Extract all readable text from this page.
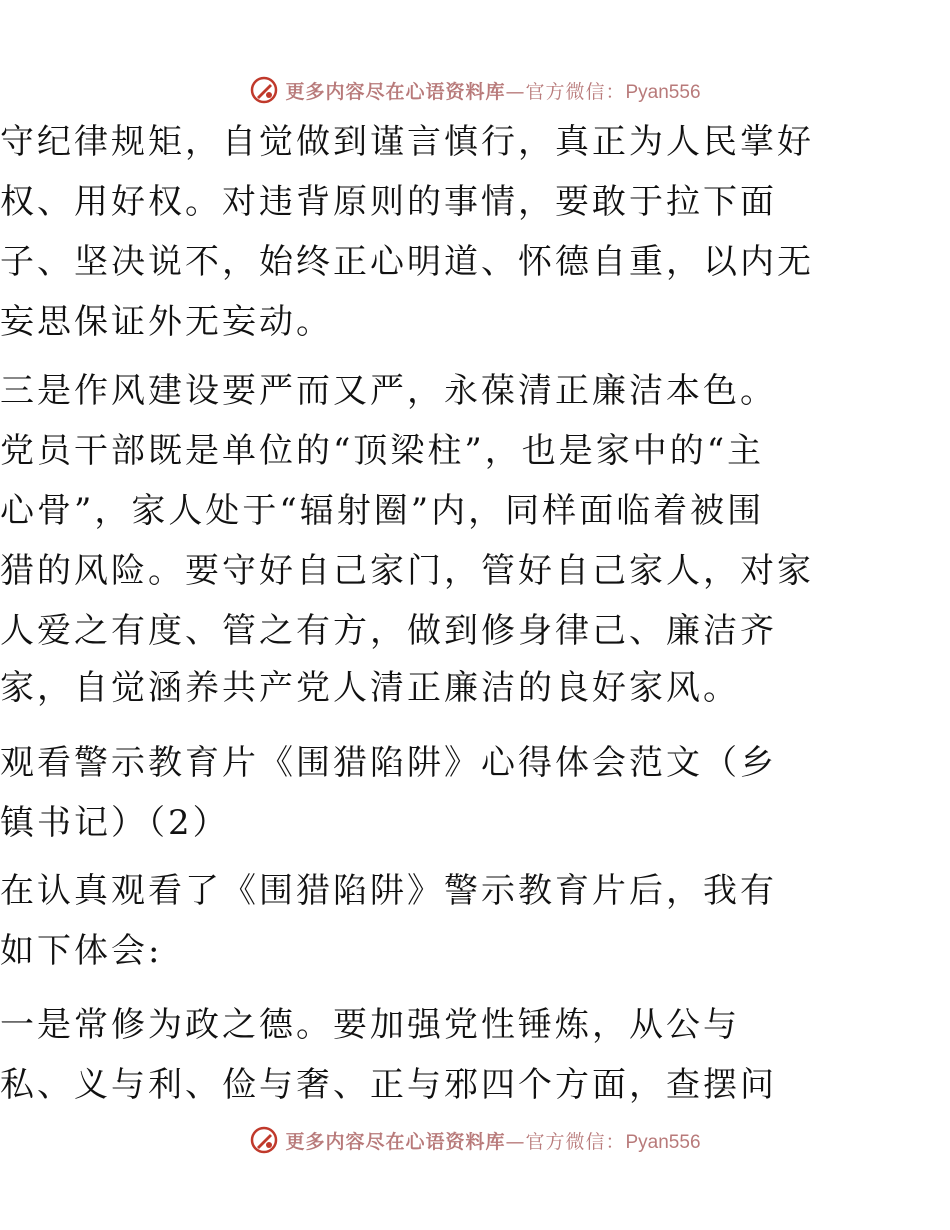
更多内容尽在心语资料库—官方微信：Pyan556
守纪律规矩，自觉做到谨言慎行，真正为人民掌好
权、用好权。对违背原则的事情，要敢于拉下面
子、坚决说不，始终正心明道、怀德自重，以内无
妄思保证外无妄动。
三是作风建设要严而又严，永葆清正廉洁本色。
党员干部既是单位的“顶梁柱”，也是家中的“主
心骨”，家人处于“辐射圈”内，同样面临着被围
猎的风险。要守好自己家门，管好自己家人，对家
人爱之有度、管之有方，做到修身律己、廉洁齐
家，自觉涵养共产党人清正廉洁的良好家风。
观看警示教育片《围猎陷阱》心得体会范文（乡
镇书记）（2）
在认真观看了《围猎陷阱》警示教育片后，我有
如下体会:
一是常修为政之德。要加强党性锤炼，从公与
私、义与利、俭与奢、正与邪四个方面，查摆问
更多内容尽在心语资料库—官方微信：Pyan556
